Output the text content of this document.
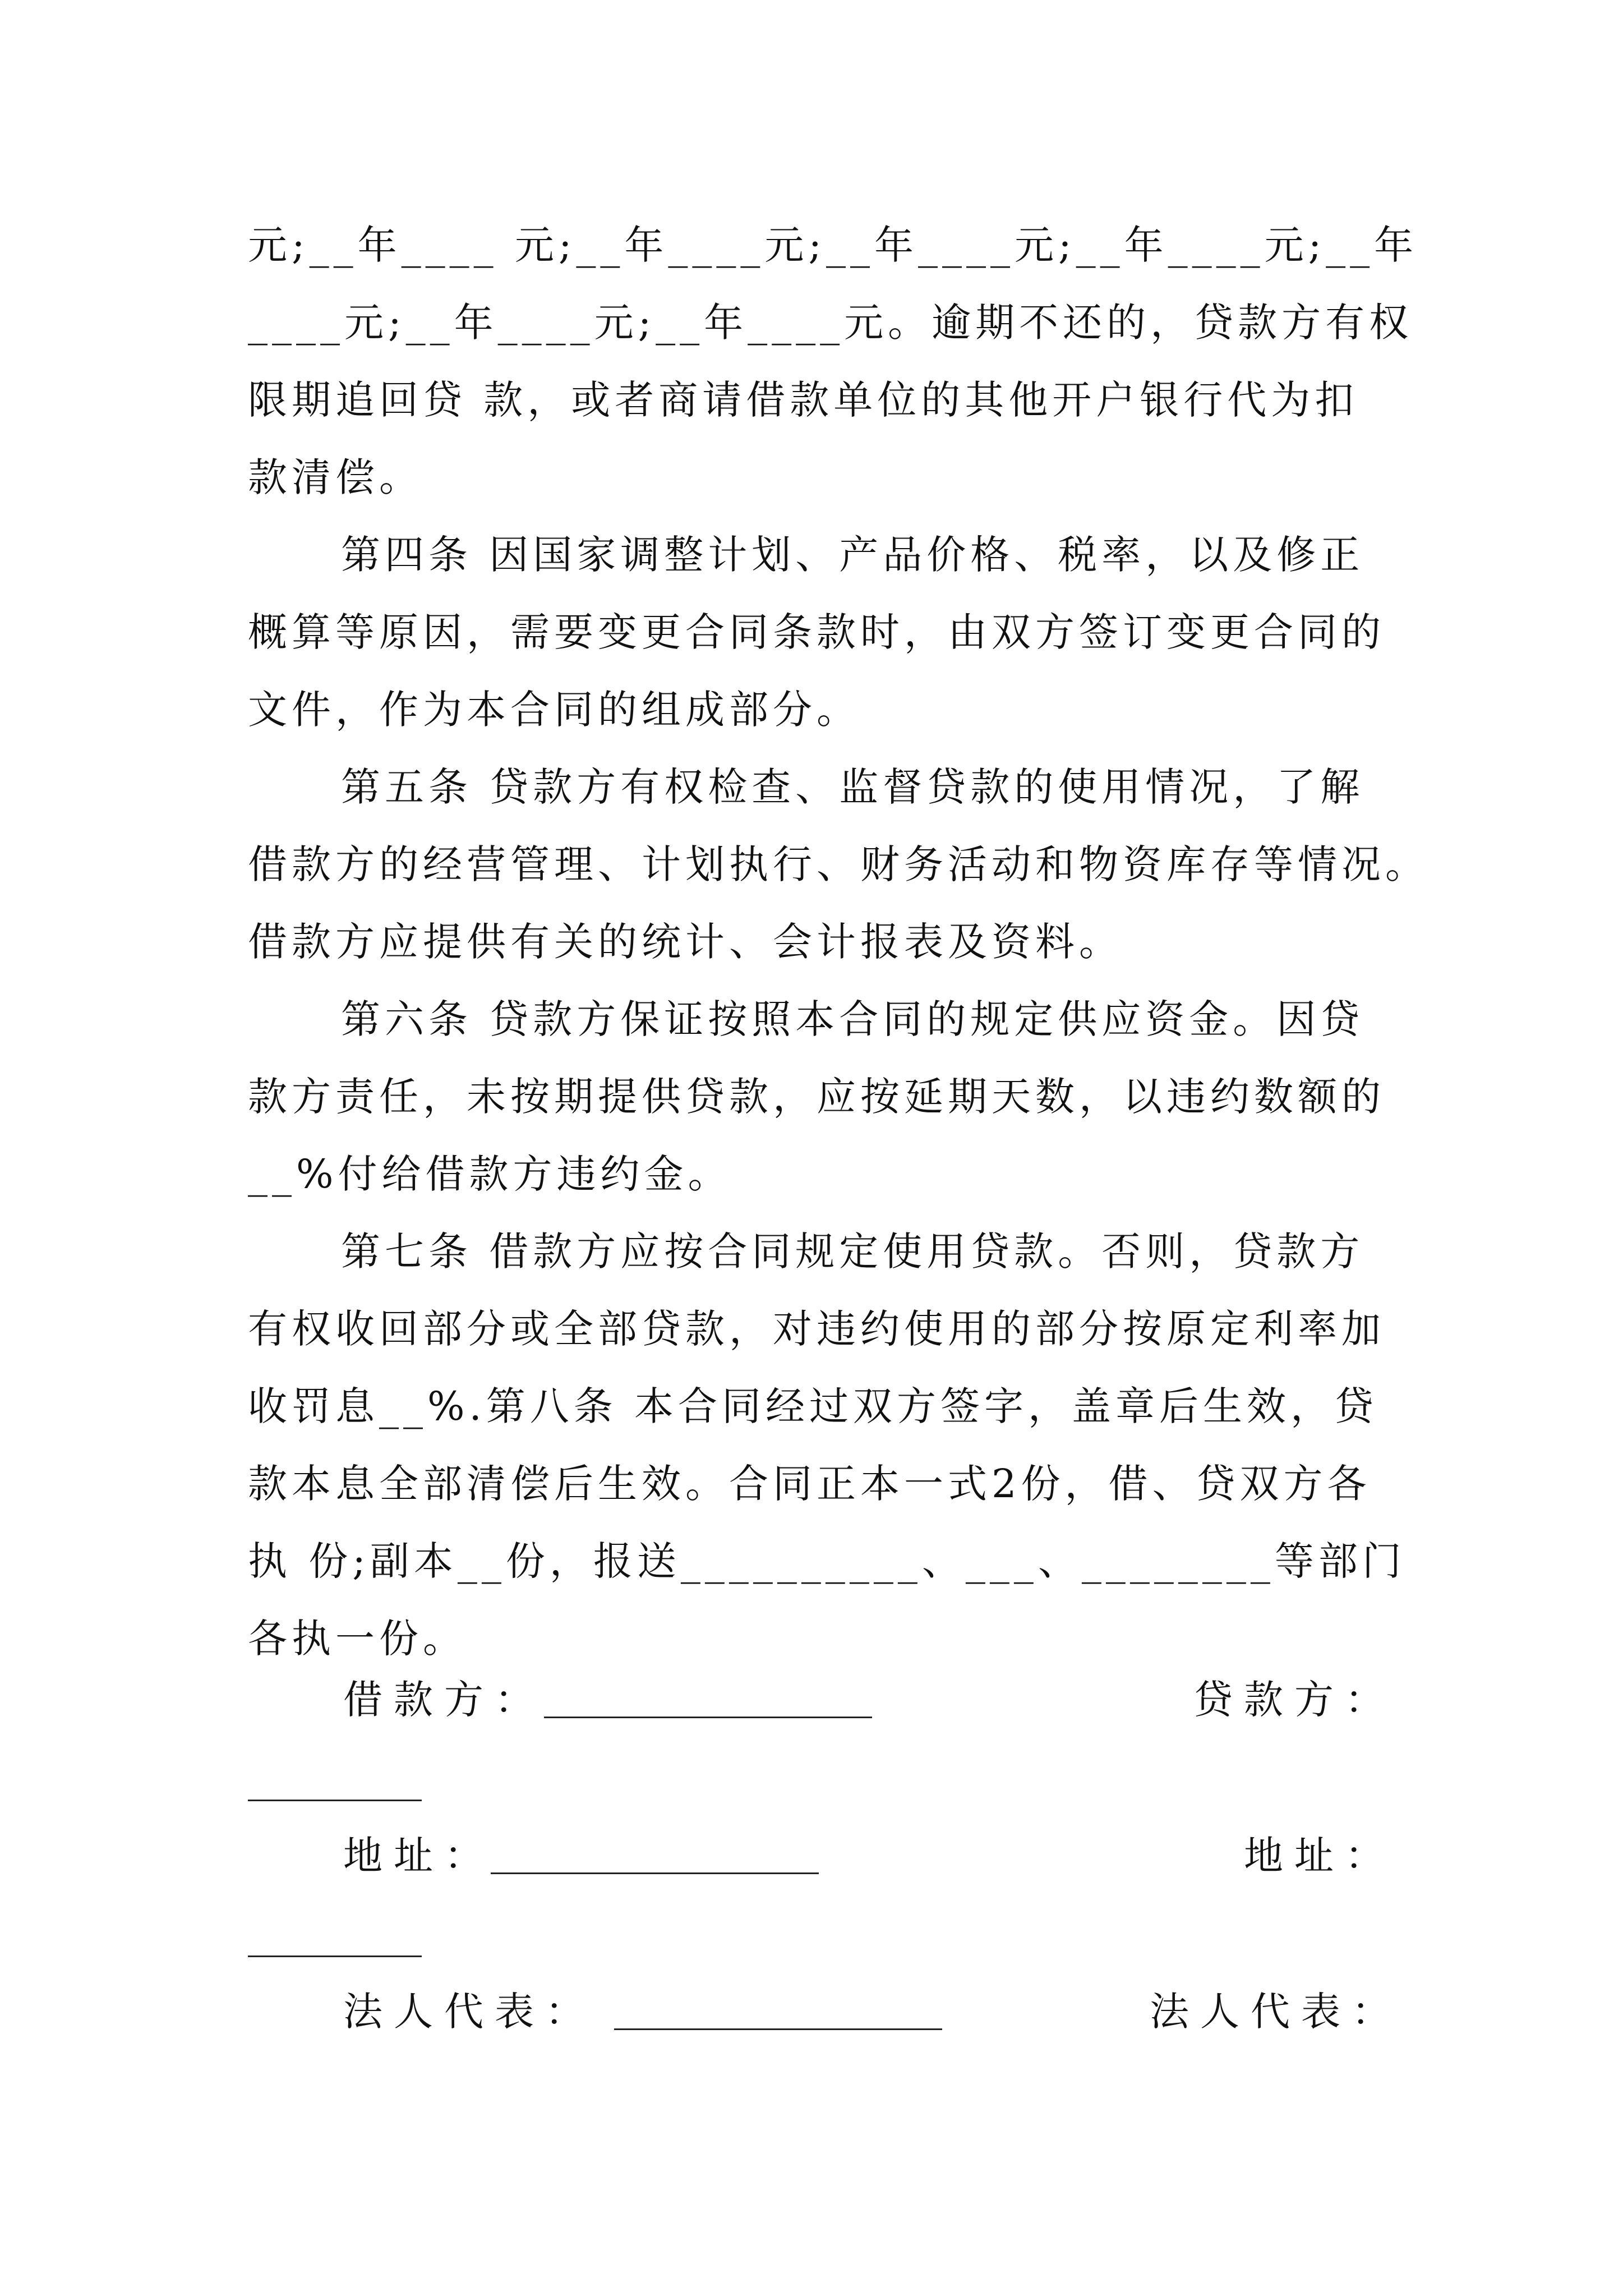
元;__年____ 元;__年____元;__年____元;__年____元;__年
____元;__年____元;__年____元。逾期不还的，贷款方有权
限期追回贷 款，或者商请借款单位的其他开户银行代为扣
款清偿。
第四条 因国家调整计划、产品价格、税率，以及修正
概算等原因，需要变更合同条款时，由双方签订变更合同的
文件，作为本合同的组成部分。
第五条 贷款方有权检查、监督贷款的使用情况，了解
借款方的经营管理、计划执行、财务活动和物资库存等情况。
借款方应提供有关的统计、会计报表及资料。
第六条 贷款方保证按照本合同的规定供应资金。因贷
款方责任，未按期提供贷款，应按延期天数，以违约数额的
__%付给借款方违约金。
第七条 借款方应按合同规定使用贷款。否则，贷款方
有权收回部分或全部贷款，对违约使用的部分按原定利率加
收罚息__%.第八条 本合同经过双方签字，盖章后生效，贷
款本息全部清偿后生效。合同正本一式2份，借、贷双方各
执 份;副本__份，报送__________、___、________等部门
各执一份。
借款方：	贷款方：
地址：	地址：
法人代表：	法人代表：
